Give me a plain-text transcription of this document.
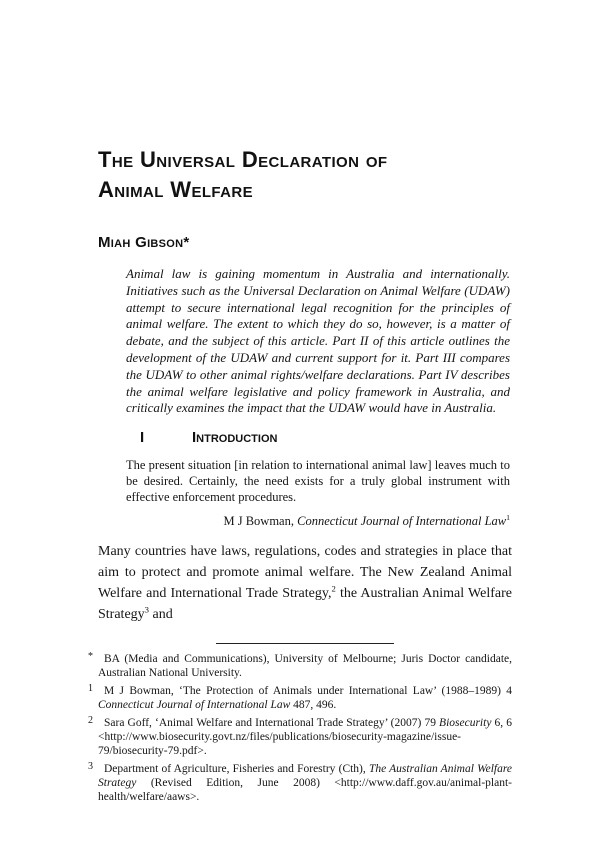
The Universal Declaration of
Animal Welfare
Miah Gibson*
Animal law is gaining momentum in Australia and internationally. Initiatives such as the Universal Declaration on Animal Welfare (UDAW) attempt to secure international legal recognition for the principles of animal welfare. The extent to which they do so, however, is a matter of debate, and the subject of this article. Part II of this article outlines the development of the UDAW and current support for it. Part III compares the UDAW to other animal rights/welfare declarations. Part IV describes the animal welfare legislative and policy framework in Australia, and critically examines the impact that the UDAW would have in Australia.
I	Introduction
The present situation [in relation to international animal law] leaves much to be desired. Certainly, the need exists for a truly global instrument with effective enforcement procedures.
M J Bowman, Connecticut Journal of International Law$^1$
Many countries have laws, regulations, codes and strategies in place that aim to protect and promote animal welfare. The New Zealand Animal Welfare and International Trade Strategy,$^2$ the Australian Animal Welfare Strategy$^3$ and
* BA (Media and Communications), University of Melbourne; Juris Doctor candidate, Australian National University.
1 M J Bowman, ‘The Protection of Animals under International Law’ (1988–1989) 4 Connecticut Journal of International Law 487, 496.
2 Sara Goff, ‘Animal Welfare and International Trade Strategy’ (2007) 79 Biosecurity 6, 6 <http://www.biosecurity.govt.nz/files/publications/biosecurity-magazine/issue-79/biosecurity-79.pdf>.
3 Department of Agriculture, Fisheries and Forestry (Cth), The Australian Animal Welfare Strategy (Revised Edition, June 2008) <http://www.daff.gov.au/animal-plant-health/welfare/aaws>.
